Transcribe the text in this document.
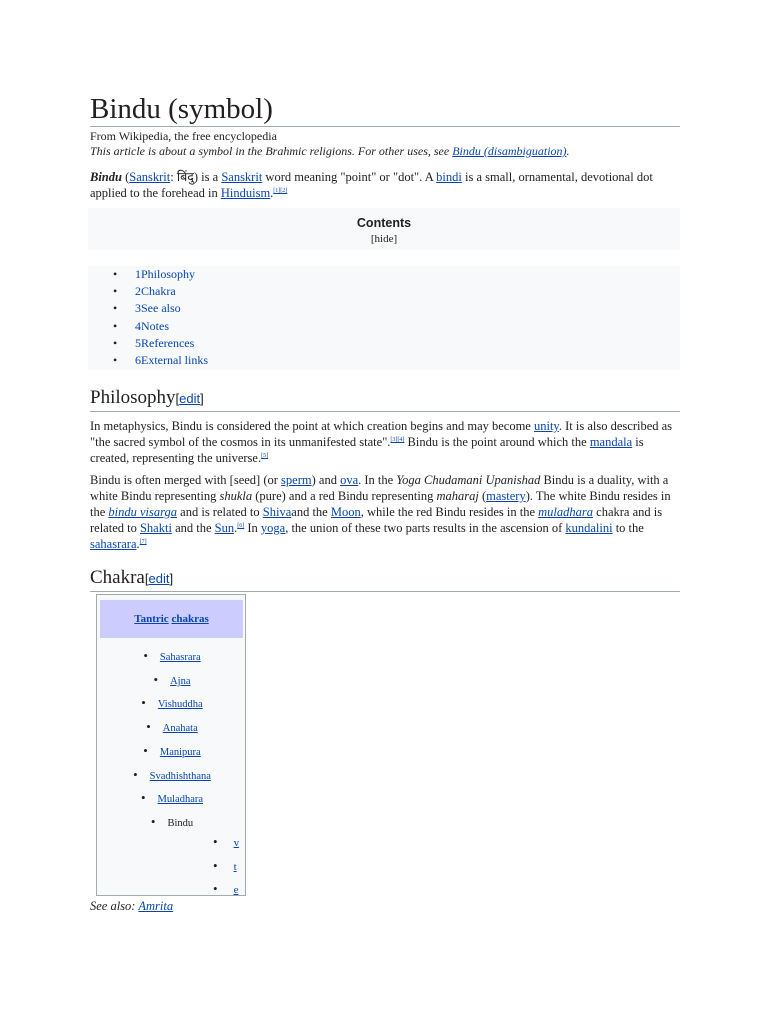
Bindu (symbol)
From Wikipedia, the free encyclopedia
This article is about a symbol in the Brahmic religions. For other uses, see Bindu (disambiguation).

Bindu (Sanskrit: बिंदु) is a Sanskrit word meaning "point" or "dot". A bindi is a small, ornamental, devotional dot applied to the forehead in Hinduism.[1][2]

Contents
[hide]
• 1Philosophy
• 2Chakra
• 3See also
• 4Notes
• 5References
• 6External links
Philosophy[edit]

In metaphysics, Bindu is considered the point at which creation begins and may become unity. It is also described as "the sacred symbol of the cosmos in its unmanifested state".[3][4] Bindu is the point around which the mandala is created, representing the universe.[5]

Bindu is often merged with [seed] (or sperm) and ova. In the Yoga Chudamani Upanishad Bindu is a duality, with a white Bindu representing shukla (pure) and a red Bindu representing maharaj (mastery). The white Bindu resides in the bindu visarga and is related to Shivaand the Moon, while the red Bindu resides in the muladhara chakra and is related to Shakti and the Sun.[6] In yoga, the union of these two parts results in the ascension of kundalini to the sahasrara.[7]

Chakra[edit]
Tantric chakras
• Sahasrara
• Ajna
• Vishuddha
• Anahata
• Manipura
• Svadhishthana
• Muladhara
• Bindu
• v
• t
• e
See also: Amrita
